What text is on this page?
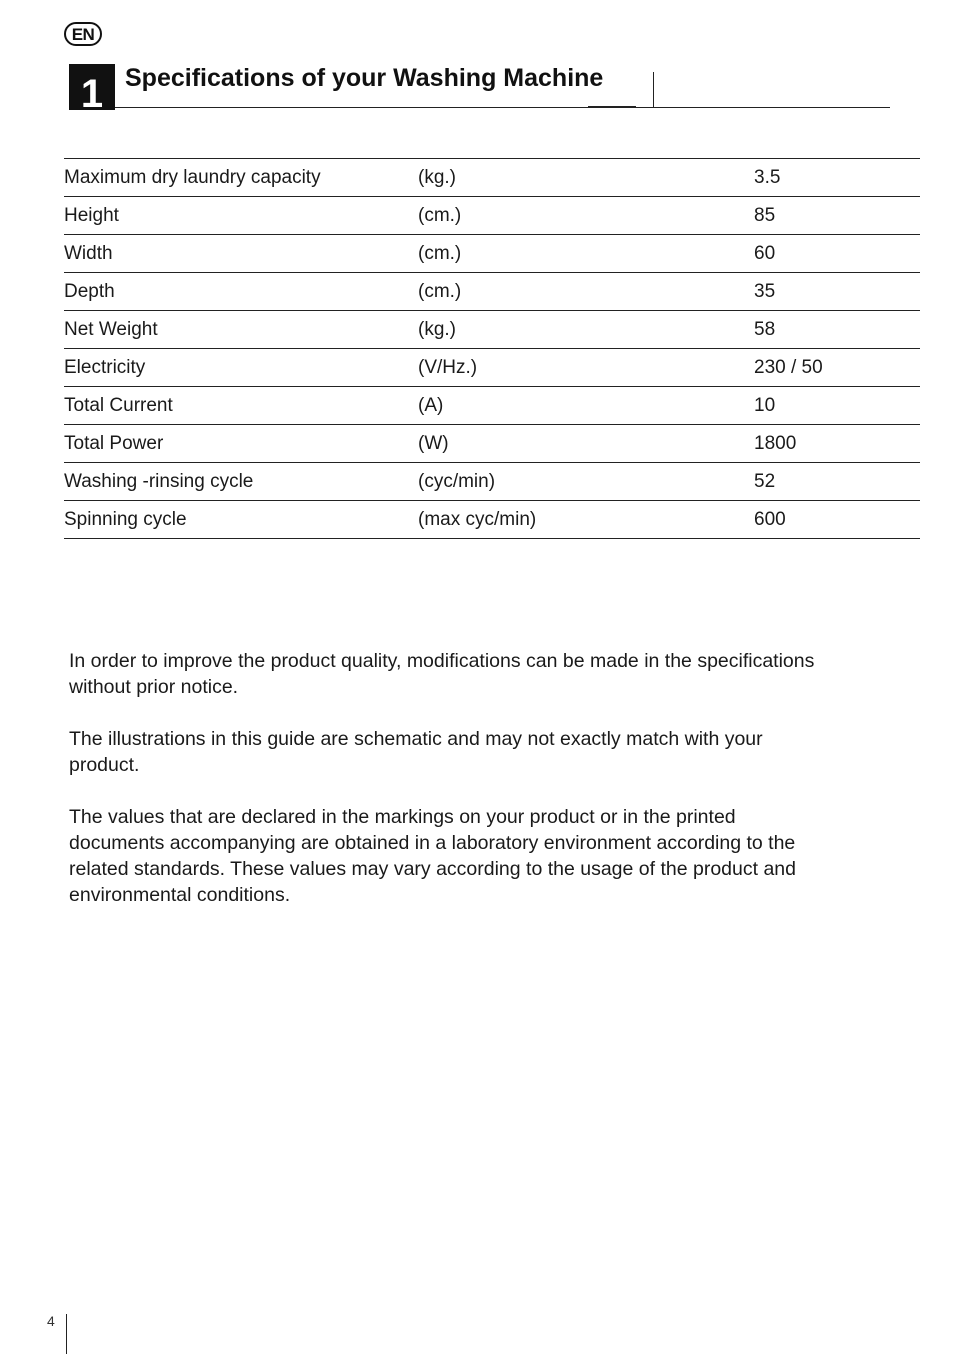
EN
1 Specifications of your Washing Machine
Maximum dry laundry capacity	(kg.)	3.5
Height	(cm.)	85
Width	(cm.)	60
Depth	(cm.)	35
Net Weight	(kg.)	58
Electricity	(V/Hz.)	230 / 50
Total Current	(A)	10
Total Power	(W)	1800
Washing -rinsing cycle	(cyc/min)	52
Spinning cycle	(max cyc/min)	600

In order to improve the product quality, modifications can be made in the specifications
without prior notice.

The illustrations in this guide are schematic and may not exactly match with your
product.

The values that are declared in the markings on your product or in the printed
documents accompanying are obtained in a laboratory environment according to the
related standards. These values may vary according to the usage of the product and
environmental conditions.

4
